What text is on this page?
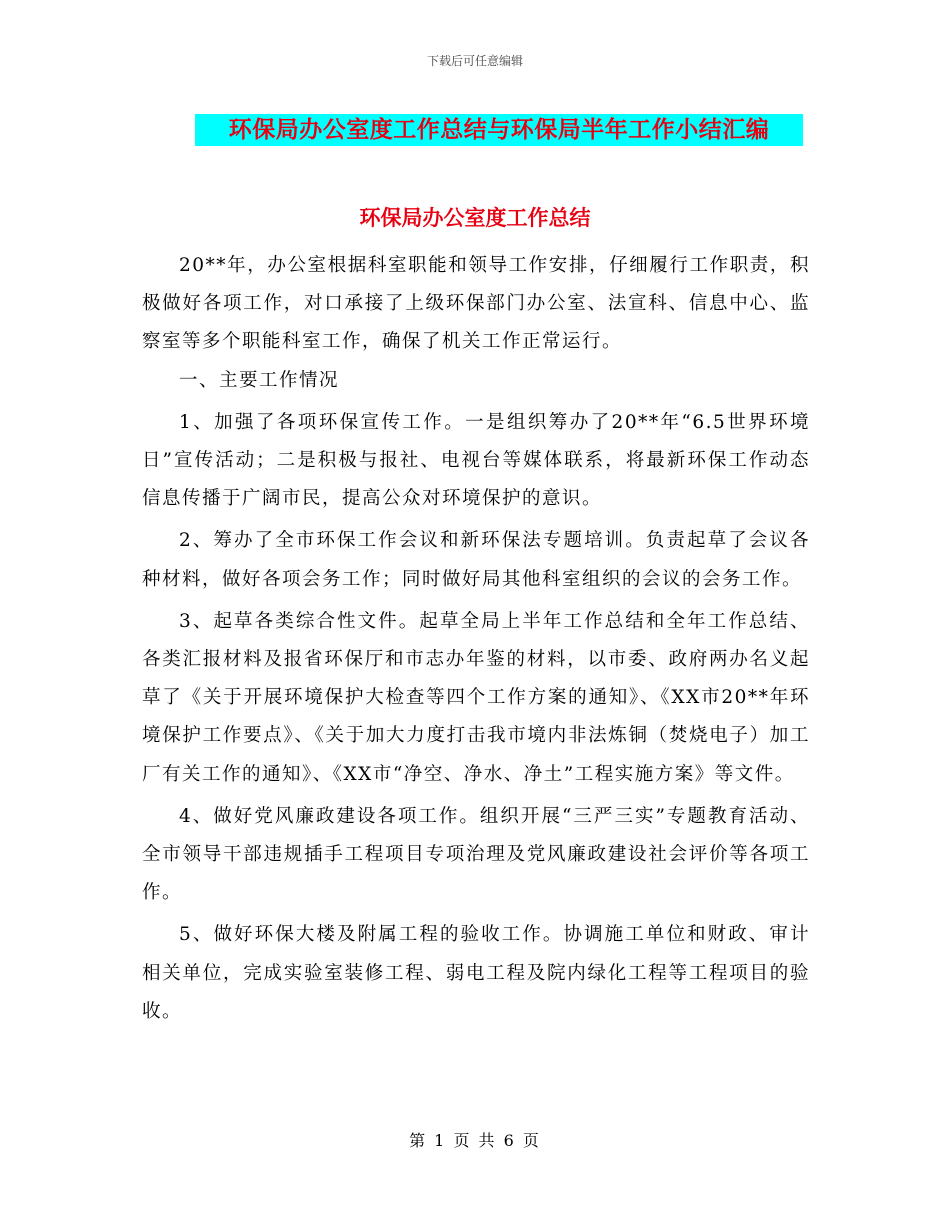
下载后可任意编辑
环保局办公室度工作总结与环保局半年工作小结汇编
环保局办公室度工作总结

20**年，办公室根据科室职能和领导工作安排，仔细履行工作职责，积极做好各项工作，对口承接了上级环保部门办公室、法宣科、信息中心、监察室等多个职能科室工作，确保了机关工作正常运行。

一、主要工作情况

1、加强了各项环保宣传工作。一是组织筹办了20**年“6.5世界环境日”宣传活动；二是积极与报社、电视台等媒体联系，将最新环保工作动态信息传播于广阔市民，提高公众对环境保护的意识。

2、筹办了全市环保工作会议和新环保法专题培训。负责起草了会议各种材料，做好各项会务工作；同时做好局其他科室组织的会议的会务工作。

3、起草各类综合性文件。起草全局上半年工作总结和全年工作总结、各类汇报材料及报省环保厅和市志办年鉴的材料，以市委、政府两办名义起草了《关于开展环境保护大检查等四个工作方案的通知》、《XX市20**年环境保护工作要点》、《关于加大力度打击我市境内非法炼铜（焚烧电子）加工厂有关工作的通知》、《XX市“净空、净水、净土”工程实施方案》等文件。

4、做好党风廉政建设各项工作。组织开展“三严三实”专题教育活动、全市领导干部违规插手工程项目专项治理及党风廉政建设社会评价等各项工作。

5、做好环保大楼及附属工程的验收工作。协调施工单位和财政、审计相关单位，完成实验室装修工程、弱电工程及院内绿化工程等工程项目的验收。

第 1 页 共 6 页
